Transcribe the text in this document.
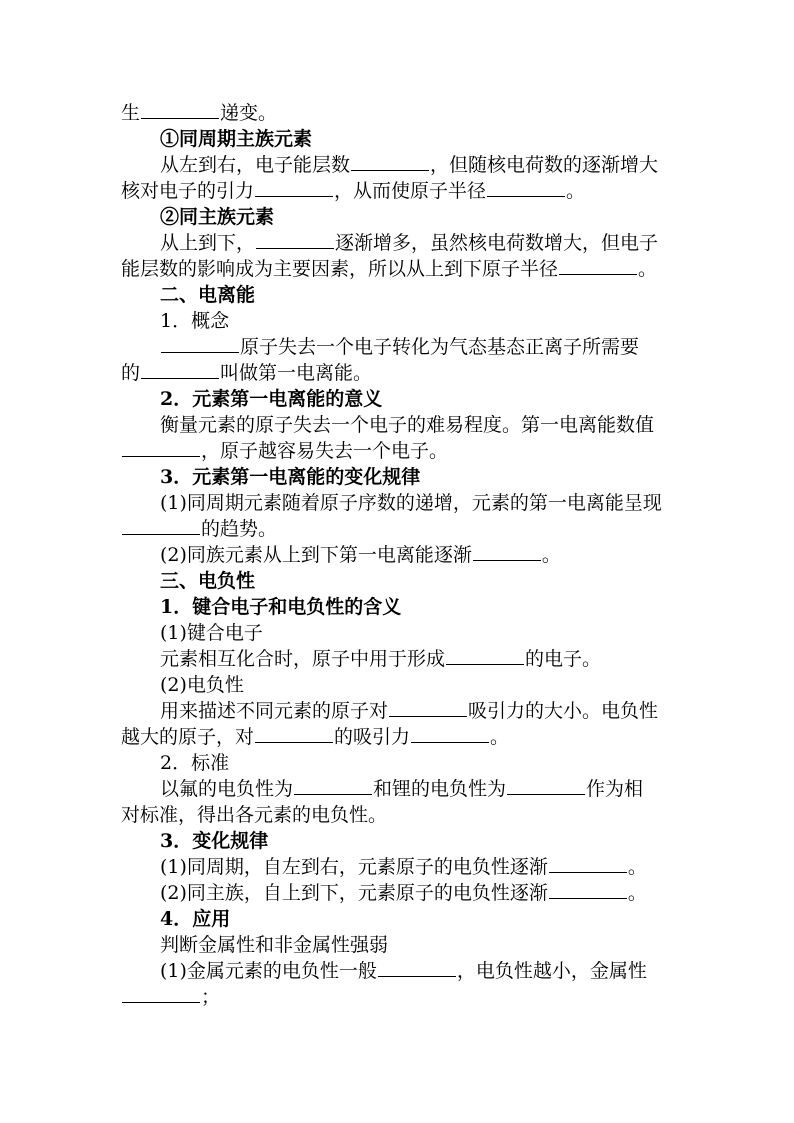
生	递变。
①同周期主族元素
从左到右，电子能层数	，但随核电荷数的逐渐增大
核对电子的引力	，从而使原子半径	。
②同主族元素
从上到下，	逐渐增多，虽然核电荷数增大，但电子
能层数的影响成为主要因素，所以从上到下原子半径	。
二、电离能
1．概念
原子失去一个电子转化为气态基态正离子所需要
的	叫做第一电离能。
2．元素第一电离能的意义
衡量元素的原子失去一个电子的难易程度。第一电离能数值
，原子越容易失去一个电子。
3．元素第一电离能的变化规律
(1)同周期元素随着原子序数的递增，元素的第一电离能呈现
的趋势。
(2)同族元素从上到下第一电离能逐渐	。
三、电负性
1．键合电子和电负性的含义
(1)键合电子
元素相互化合时，原子中用于形成	的电子。
(2)电负性
用来描述不同元素的原子对	吸引力的大小。电负性
越大的原子，对	的吸引力	。
2．标准
以氟的电负性为	和锂的电负性为	作为相
对标准，得出各元素的电负性。
3．变化规律
(1)同周期，自左到右，元素原子的电负性逐渐	。
(2)同主族，自上到下，元素原子的电负性逐渐	。
4．应用
判断金属性和非金属性强弱
(1)金属元素的电负性一般	，电负性越小，金属性
；
